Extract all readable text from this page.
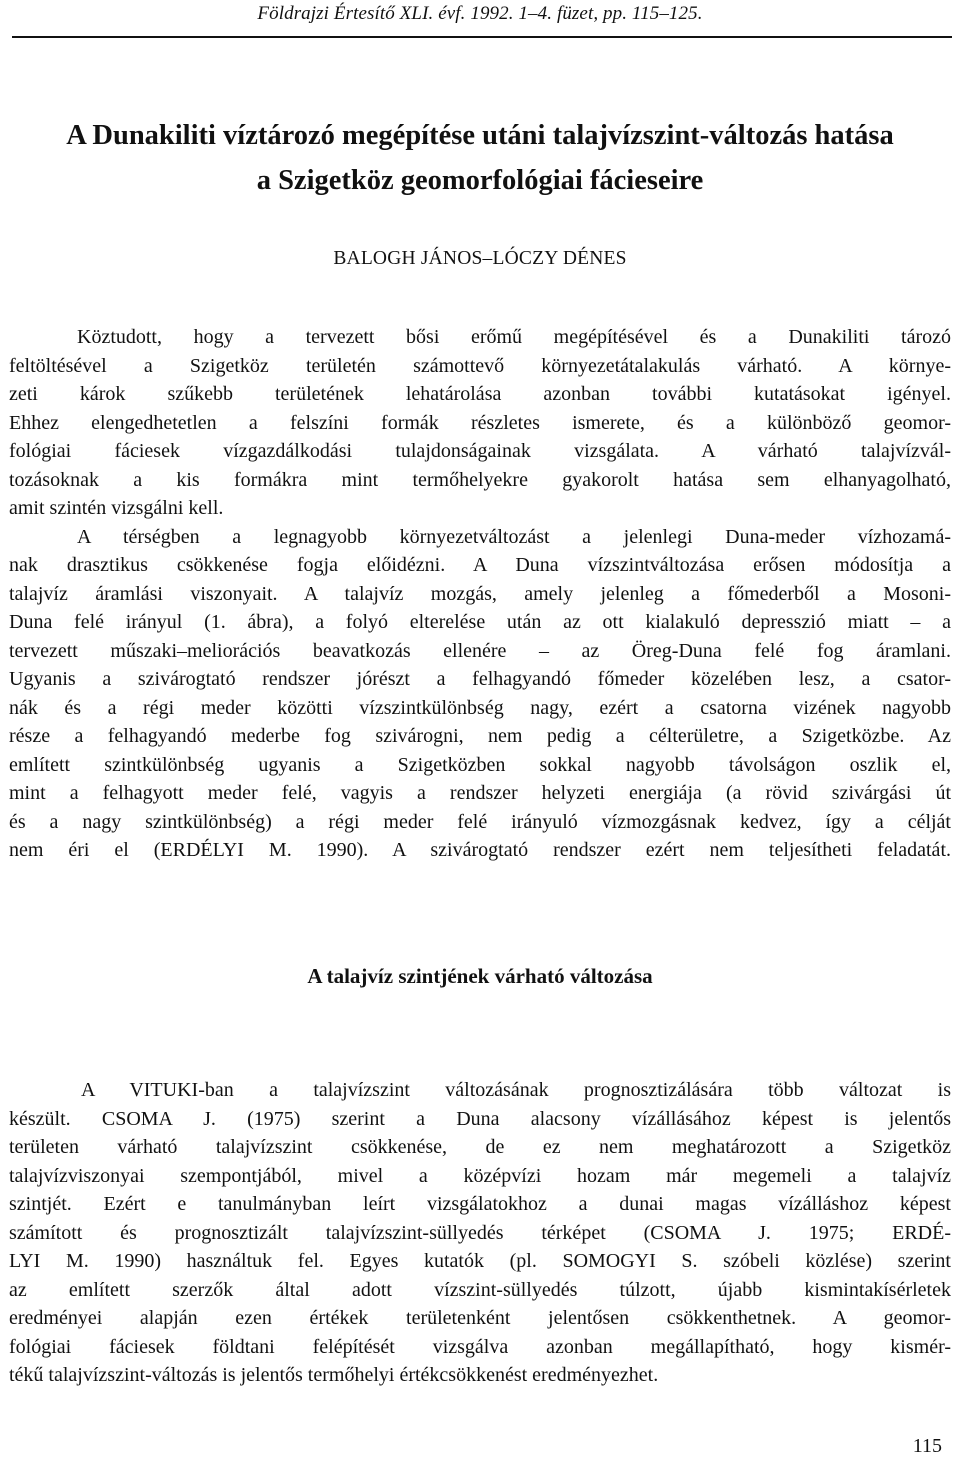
Földrajzi Értesítő XLI. évf. 1992. 1–4. füzet, pp. 115–125.
A Dunakiliti víztározó megépítése utáni talajvízszint-változás hatása
a Szigetköz geomorfológiai fácieseire
BALOGH JÁNOS–LÓCZY DÉNES

Köztudott, hogy a tervezett bősi erőmű megépítésével és a Dunakiliti tározó
feltöltésével a Szigetköz területén számottevő környezetátalakulás várható. A környe-
zeti károk szűkebb területének lehatárolása azonban további kutatásokat igényel.
Ehhez elengedhetetlen a felszíni formák részletes ismerete, és a különböző geomor-
fológiai fáciesek vízgazdálkodási tulajdonságainak vizsgálata. A várható talajvízvál-
tozásoknak a kis formákra mint termőhelyekre gyakorolt hatása sem elhanyagolható,
amit szintén vizsgálni kell.

A térségben a legnagyobb környezetváltozást a jelenlegi Duna-meder vízhozamá-
nak drasztikus csökkenése fogja előidézni. A Duna vízszintváltozása erősen módosítja a
talajvíz áramlási viszonyait. A talajvíz mozgás, amely jelenleg a főmederből a Mosoni-
Duna felé irányul (1. ábra), a folyó elterelése után az ott kialakuló depresszió miatt – a
tervezett műszaki–meliorációs beavatkozás ellenére – az Öreg-Duna felé fog áramlani.
Ugyanis a szivárogtató rendszer jórészt a felhagyandó főmeder közelében lesz, a csator-
nák és a régi meder közötti vízszintkülönbség nagy, ezért a csatorna vizének nagyobb
része a felhagyandó mederbe fog szivárogni, nem pedig a célterületre, a Szigetközbe. Az
említett szintkülönbség ugyanis a Szigetközben sokkal nagyobb távolságon oszlik el,
mint a felhagyott meder felé, vagyis a rendszer helyzeti energiája (a rövid szivárgási út
és a nagy szintkülönbség) a régi meder felé irányuló vízmozgásnak kedvez, így a célját
nem éri el (ERDÉLYI M. 1990). A szivárogtató rendszer ezért nem teljesítheti feladatát.

A talajvíz szintjének várható változása

A VITUKI-ban a talajvízszint változásának prognosztizálására több változat is
készült. CSOMA J. (1975) szerint a Duna alacsony vízállásához képest is jelentős
területen várható talajvízszint csökkenése, de ez nem meghatározott a Szigetköz
talajvízviszonyai szempontjából, mivel a középvízi hozam már megemeli a talajvíz
szintjét. Ezért e tanulmányban leírt vizsgálatokhoz a dunai magas vízálláshoz képest
számított és prognosztizált talajvízszint-süllyedés térképet (CSOMA J. 1975; ERDÉ-
LYI M. 1990) használtuk fel. Egyes kutatók (pl. SOMOGYI S. szóbeli közlése) szerint
az említett szerzők által adott vízszint-süllyedés túlzott, újabb kismintakísérletek
eredményei alapján ezen értékek területenként jelentősen csökkenthetnek. A geomor-
fológiai fáciesek földtani felépítését vizsgálva azonban megállapítható, hogy kismér-
tékű talajvízszint-változás is jelentős termőhelyi értékcsökkenést eredményezhet.

115
